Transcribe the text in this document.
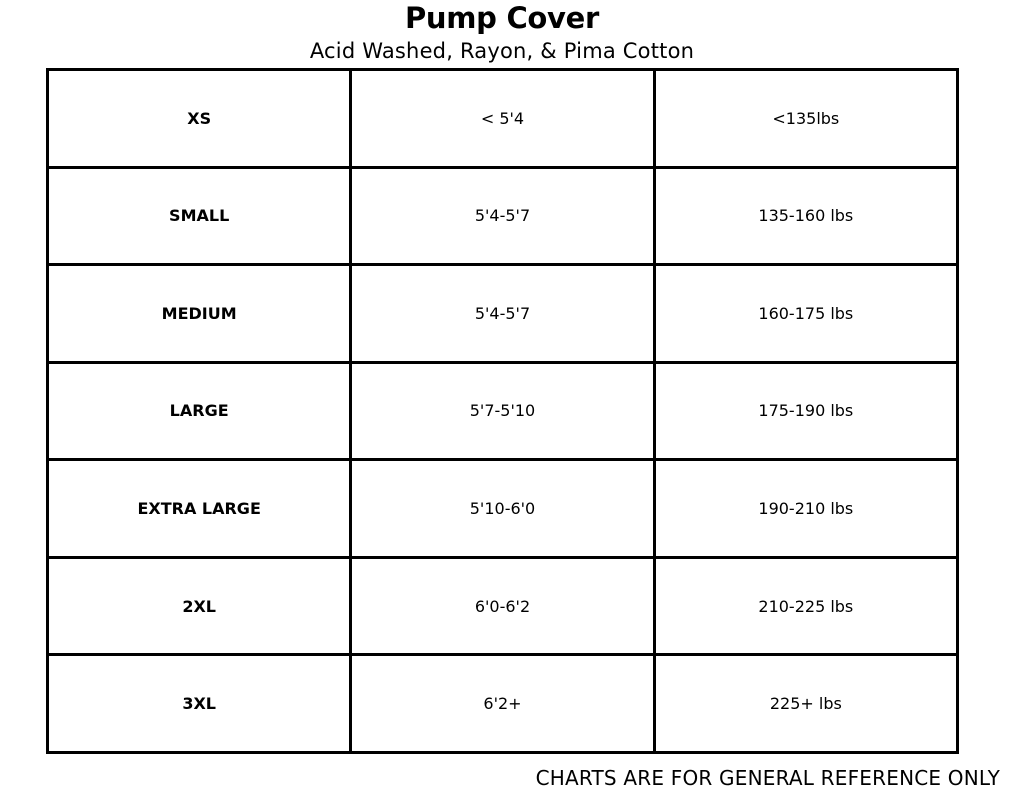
Pump Cover
Acid Washed, Rayon, & Pima Cotton
XS	< 5'4	<135lbs
SMALL	5'4-5'7	135-160 lbs
MEDIUM	5'4-5'7	160-175 lbs
LARGE	5'7-5'10	175-190 lbs
EXTRA LARGE	5'10-6'0	190-210 lbs
2XL	6'0-6'2	210-225 lbs
3XL	6'2+	225+ lbs
CHARTS ARE FOR GENERAL REFERENCE ONLY
